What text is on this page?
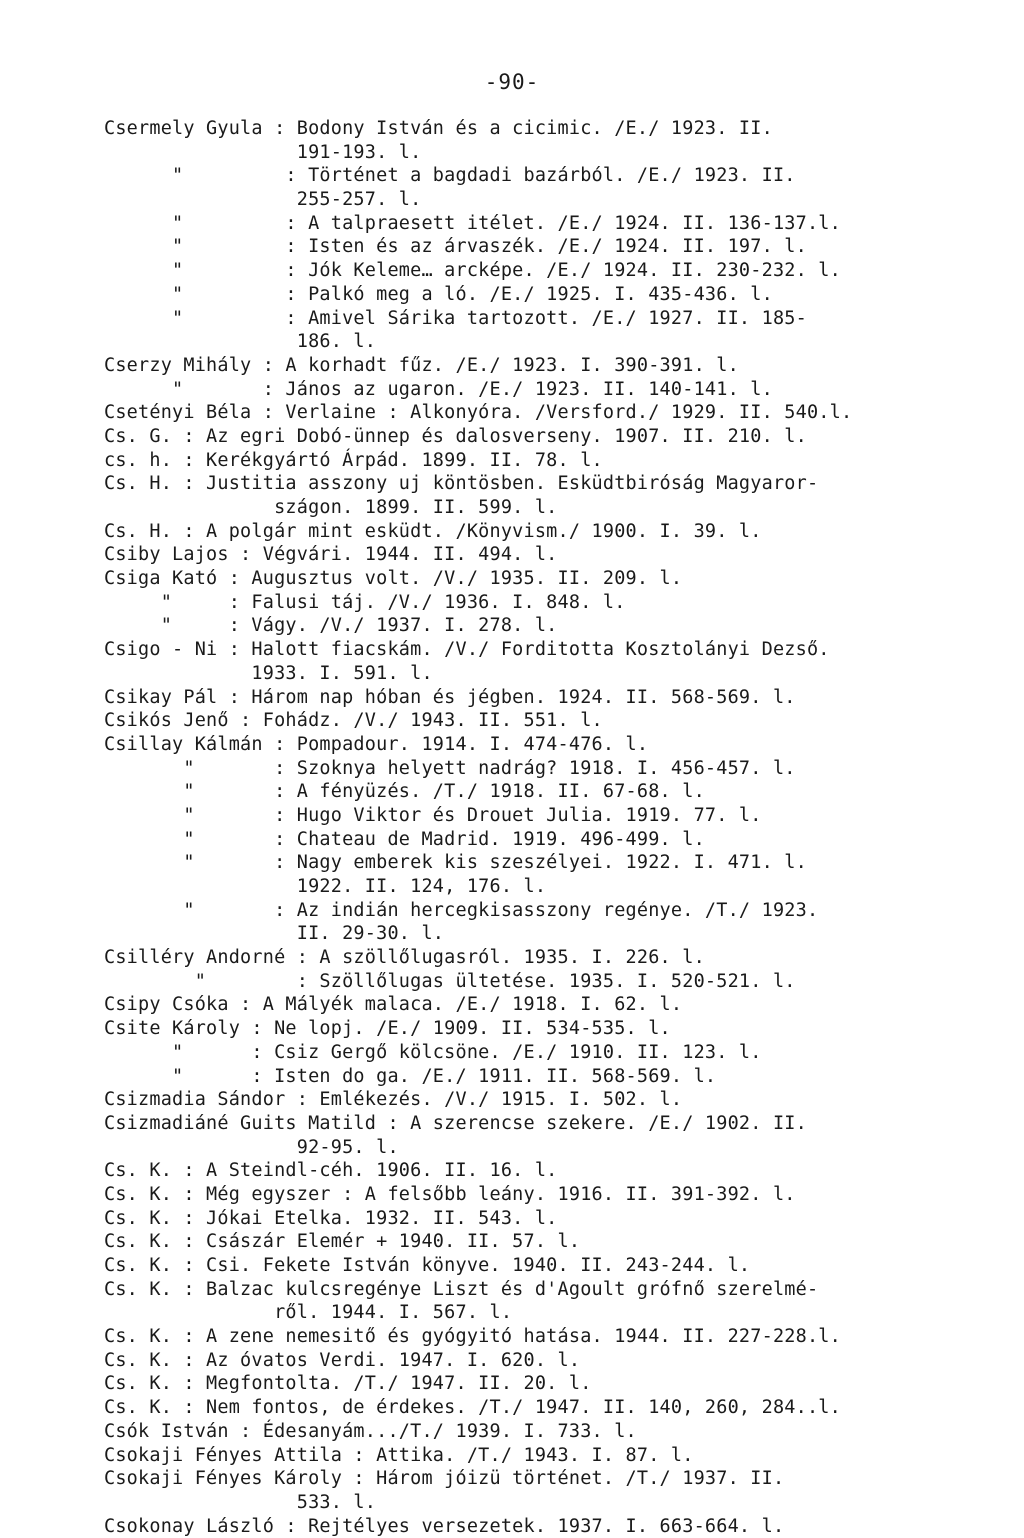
-90-
Csermely Gyula : Bodony István és a cicimic. /E./ 1923. II.
191-193. l.
"         : Történet a bagdadi bazárból. /E./ 1923. II.
255-257. l.
"         : A talpraesett itélet. /E./ 1924. II. 136-137.l.
"         : Isten és az árvaszék. /E./ 1924. II. 197. l.
"         : Jók Keleme… arcképe. /E./ 1924. II. 230-232. l.
"         : Palkó meg a ló. /E./ 1925. I. 435-436. l.
"         : Amivel Sárika tartozott. /E./ 1927. II. 185-
186. l.
Cserzy Mihály : A korhadt fűz. /E./ 1923. I. 390-391. l.
"       : János az ugaron. /E./ 1923. II. 140-141. l.
Csetényi Béla : Verlaine : Alkonyóra. /Versford./ 1929. II. 540.l.
Cs. G. : Az egri Dobó-ünnep és dalosverseny. 1907. II. 210. l.
cs. h. : Kerékgyártó Árpád. 1899. II. 78. l.
Cs. H. : Justitia asszony uj köntösben. Esküdtbiróság Magyaror-
szágon. 1899. II. 599. l.
Cs. H. : A polgár mint esküdt. /Könyvism./ 1900. I. 39. l.
Csiby Lajos : Végvári. 1944. II. 494. l.
Csiga Kató : Augusztus volt. /V./ 1935. II. 209. l.
"     : Falusi táj. /V./ 1936. I. 848. l.
"     : Vágy. /V./ 1937. I. 278. l.
Csigo - Ni : Halott fiacskám. /V./ Forditotta Kosztolányi Dezső.
1933. I. 591. l.
Csikay Pál : Három nap hóban és jégben. 1924. II. 568-569. l.
Csikós Jenő : Fohádz. /V./ 1943. II. 551. l.
Csillay Kálmán : Pompadour. 1914. I. 474-476. l.
"       : Szoknya helyett nadrág? 1918. I. 456-457. l.
"       : A fényüzés. /T./ 1918. II. 67-68. l.
"       : Hugo Viktor és Drouet Julia. 1919. 77. l.
"       : Chateau de Madrid. 1919. 496-499. l.
"       : Nagy emberek kis szeszélyei. 1922. I. 471. l.
1922. II. 124, 176. l.
"       : Az indián hercegkisasszony regénye. /T./ 1923.
II. 29-30. l.
Csilléry Andorné : A szöllőlugasról. 1935. I. 226. l.
"        : Szöllőlugas ültetése. 1935. I. 520-521. l.
Csipy Csóka : A Mályék malaca. /E./ 1918. I. 62. l.
Csite Károly : Ne lopj. /E./ 1909. II. 534-535. l.
"      : Csiz Gergő kölcsöne. /E./ 1910. II. 123. l.
"      : Isten do ga. /E./ 1911. II. 568-569. l.
Csizmadia Sándor : Emlékezés. /V./ 1915. I. 502. l.
Csizmadiáné Guits Matild : A szerencse szekere. /E./ 1902. II.
92-95. l.
Cs. K. : A Steindl-céh. 1906. II. 16. l.
Cs. K. : Még egyszer : A felsőbb leány. 1916. II. 391-392. l.
Cs. K. : Jókai Etelka. 1932. II. 543. l.
Cs. K. : Császár Elemér + 1940. II. 57. l.
Cs. K. : Csi. Fekete István könyve. 1940. II. 243-244. l.
Cs. K. : Balzac kulcsregénye Liszt és d'Agoult grófnő szerelmé-
ről. 1944. I. 567. l.
Cs. K. : A zene nemesitő és gyógyitó hatása. 1944. II. 227-228.l.
Cs. K. : Az óvatos Verdi. 1947. I. 620. l.
Cs. K. : Megfontolta. /T./ 1947. II. 20. l.
Cs. K. : Nem fontos, de érdekes. /T./ 1947. II. 140, 260, 284..l.
Csók István : Édesanyám.../T./ 1939. I. 733. l.
Csokaji Fényes Attila : Attika. /T./ 1943. I. 87. l.
Csokaji Fényes Károly : Három jóizü történet. /T./ 1937. II.
533. l.
Csokonay László : Rejtélyes versezetek. 1937. I. 663-664. l.
